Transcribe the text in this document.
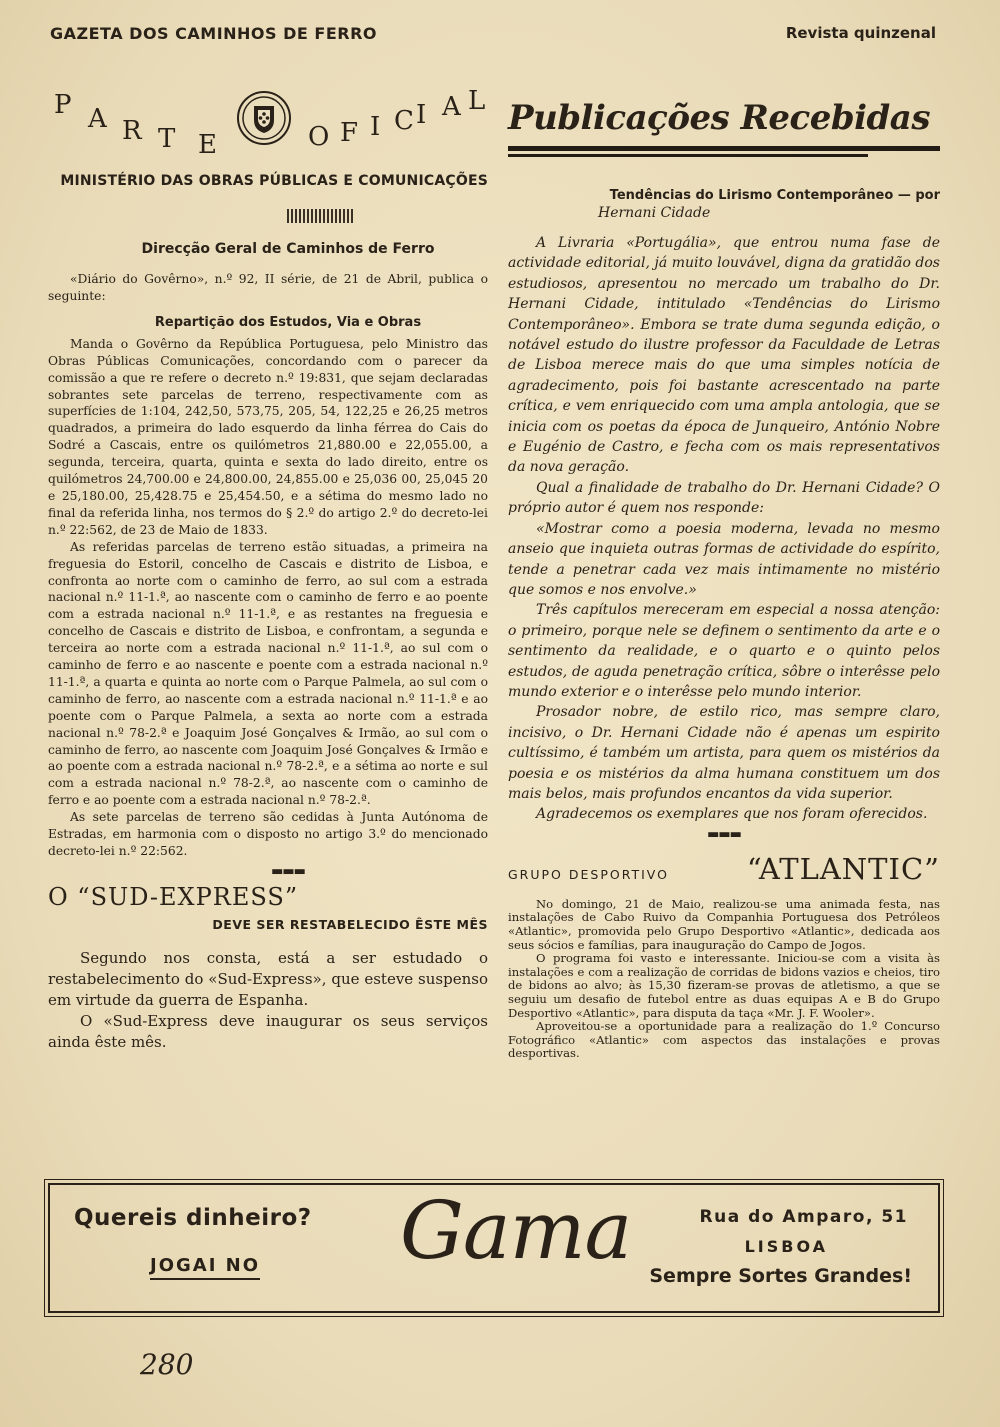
GAZETA DOS CAMINHOS DE FERRO	Revista quinzenal
P A R T E	O F I C I A L
MINISTÉRIO DAS OBRAS PÚBLICAS E COMUNICAÇÕES
Direcção Geral de Caminhos de Ferro

«Diário do Govêrno», n.º 92, II série, de 21 de Abril, publica o seguinte:

Repartição dos Estudos, Via e Obras

Manda o Govêrno da República Portuguesa, pelo Ministro das Obras Públicas Comunicações, concordando com o parecer da comissão a que re refere o decreto n.º 19:831, que sejam declaradas sobrantes sete parcelas de terreno, respectivamente com as superfícies de 1:104, 242,50, 573,75, 205, 54, 122,25 e 26,25 metros quadrados, a primeira do lado esquerdo da linha férrea do Cais do Sodré a Cascais, entre os quilómetros 21,880.00 e 22,055.00, a segunda, terceira, quarta, quinta e sexta do lado direito, entre os quilómetros 24,700.00 e 24,800.00, 24,855.00 e 25,036 00, 25,045 20 e 25,180.00, 25,428.75 e 25,454.50, e a sétima do mesmo lado no final da referida linha, nos termos do § 2.º do artigo 2.º do decreto-lei n.º 22:562, de 23 de Maio de 1833.

As referidas parcelas de terreno estão situadas, a primeira na freguesia do Estoril, concelho de Cascais e distrito de Lisboa, e confronta ao norte com o caminho de ferro, ao sul com a estrada nacional n.º 11-1.ª, ao nascente com o caminho de ferro e ao poente com a estrada nacional n.º 11-1.ª, e as restantes na freguesia e concelho de Cascais e distrito de Lisboa, e confrontam, a segunda e terceira ao norte com a estrada nacional n.º 11-1.ª, ao sul com o caminho de ferro e ao nascente e poente com a estrada nacional n.º 11-1.ª, a quarta e quinta ao norte com o Parque Palmela, ao sul com o caminho de ferro, ao nascente com a estrada nacional n.º 11-1.ª e ao poente com o Parque Palmela, a sexta ao norte com a estrada nacional n.º 78-2.ª e Joaquim José Gonçalves & Irmão, ao sul com o caminho de ferro, ao nascente com Joaquim José Gonçalves & Irmão e ao poente com a estrada nacional n.º 78-2.ª, e a sétima ao norte e sul com a estrada nacional n.º 78-2.ª, ao nascente com o caminho de ferro e ao poente com a estrada nacional n.º 78-2.ª.

As sete parcelas de terreno são cedidas à Junta Autónoma de Estradas, em harmonia com o disposto no artigo 3.º do mencionado decreto-lei n.º 22:562.

▬▬▬
O “SUD-EXPRESS”
DEVE SER RESTABELECIDO ÊSTE MÊS

Segundo nos consta, está a ser estudado o restabelecimento do «Sud-Express», que esteve suspenso em virtude da guerra de Espanha.

O «Sud-Express deve inaugurar os seus serviços ainda êste mês.

Publicações Recebidas
Tendências do Lirismo Contemporâneo — por
Hernani Cidade

A Livraria «Portugália», que entrou numa fase de actividade editorial, já muito louvável, digna da gratidão dos estudiosos, apresentou no mercado um trabalho do Dr. Hernani Cidade, intitulado «Tendências do Lirismo Contemporâneo». Embora se trate duma segunda edição, o notável estudo do ilustre professor da Faculdade de Letras de Lisboa merece mais do que uma simples notícia de agradecimento, pois foi bastante acrescentado na parte crítica, e vem enriquecido com uma ampla antologia, que se inicia com os poetas da época de Junqueiro, António Nobre e Eugénio de Castro, e fecha com os mais representativos da nova geração.

Qual a finalidade de trabalho do Dr. Hernani Cidade? O próprio autor é quem nos responde:

«Mostrar como a poesia moderna, levada no mesmo anseio que inquieta outras formas de actividade do espírito, tende a penetrar cada vez mais intimamente no mistério que somos e nos envolve.»

Três capítulos mereceram em especial a nossa atenção: o primeiro, porque nele se definem o sentimento da arte e o sentimento da realidade, e o quarto e o quinto pelos estudos, de aguda penetração crítica, sôbre o interêsse pelo mundo exterior e o interêsse pelo mundo interior.

Prosador nobre, de estilo rico, mas sempre claro, incisivo, o Dr. Hernani Cidade não é apenas um espirito cultíssimo, é também um artista, para quem os mistérios da poesia e os mistérios da alma humana constituem um dos mais belos, mais profundos encantos da vida superior.

Agradecemos os exemplares que nos foram oferecidos.

▬▬▬
GRUPO DESPORTIVO	“ATLANTIC”

No domingo, 21 de Maio, realizou-se uma animada festa, nas instalações de Cabo Ruivo da Companhia Portuguesa dos Petróleos «Atlantic», promovida pelo Grupo Desportivo «Atlantic», dedicada aos seus sócios e famílias, para inauguração do Campo de Jogos.

O programa foi vasto e interessante. Iniciou-se com a visita às instalações e com a realização de corridas de bidons vazios e cheios, tiro de bidons ao alvo; às 15,30 fizeram-se provas de atletismo, a que se seguiu um desafio de futebol entre as duas equipas A e B do Grupo Desportivo «Atlantic», para disputa da taça «Mr. J. F. Wooler».

Aproveitou-se a oportunidade para a realização do 1.º Concurso Fotográfico «Atlantic» com aspectos das instalações e provas desportivas.

Quereis dinheiro?
JOGAI NO Gama	Rua do Amparo, 51
LISBOA
Sempre Sortes Grandes!
280
